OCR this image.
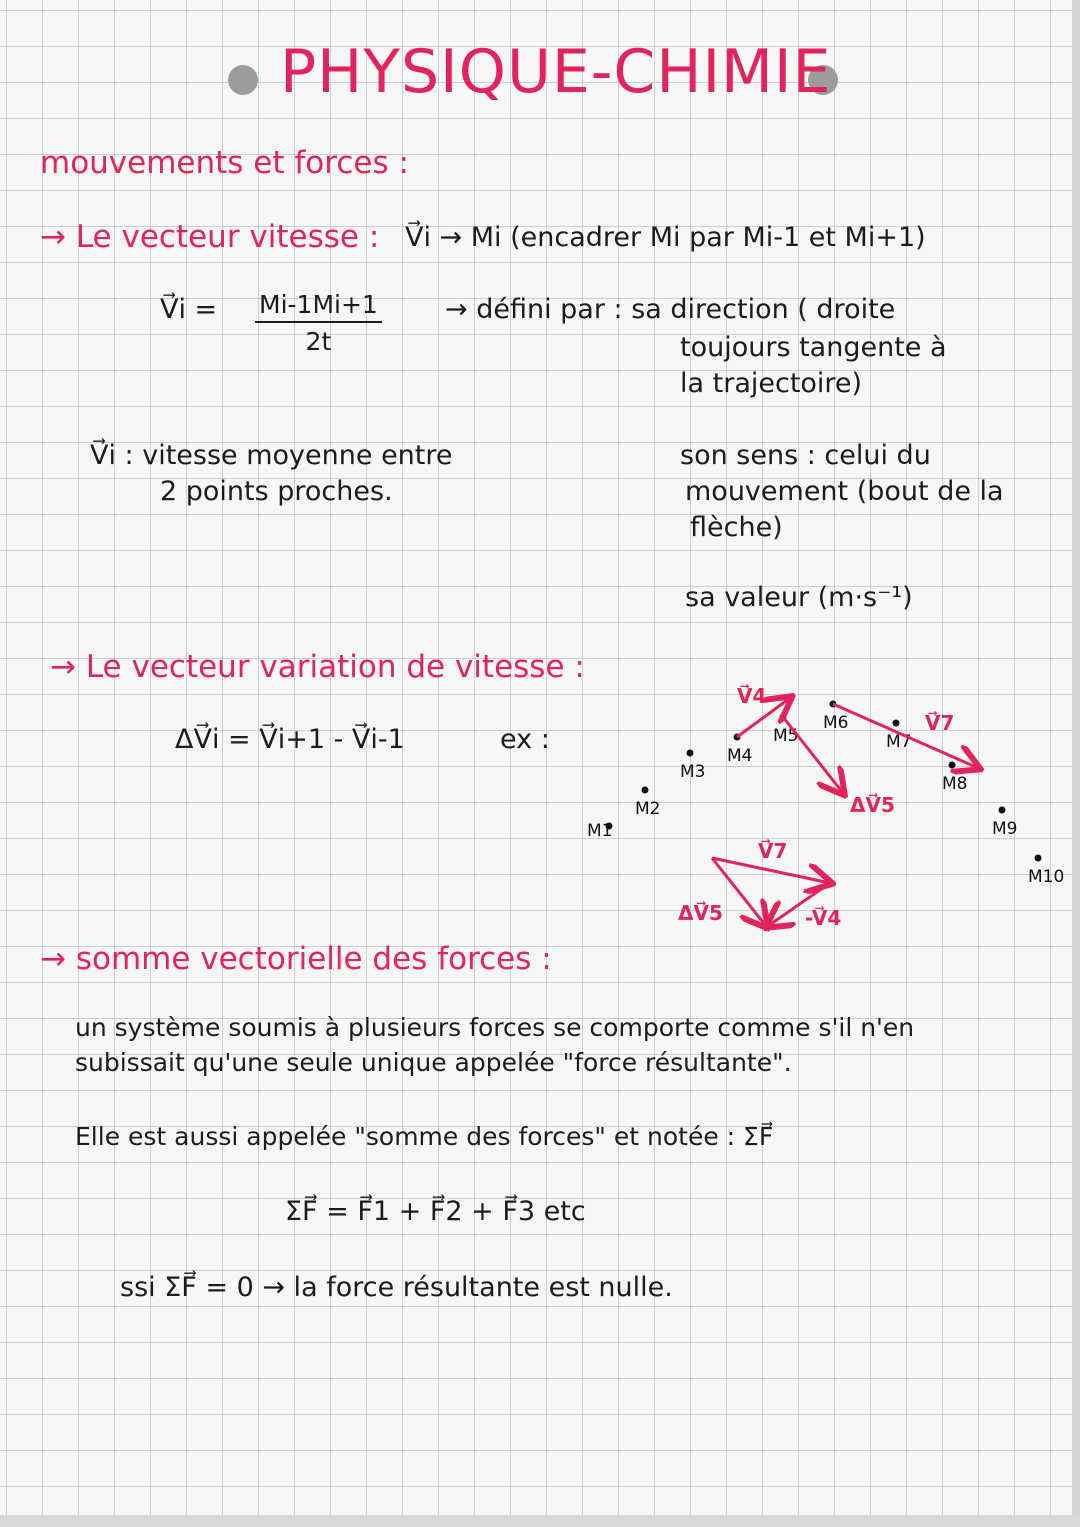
PHYSIQUE-CHIMIE
mouvements et forces :
→ Le vecteur vitesse : V⃗i → Mi (encadrer Mi par Mi-1 et Mi+1)
V⃗i = $\frac{Mi-1Mi+1}{2t}$ → défini par : sa direction ( droite
toujours tangente à
la trajectoire)
V⃗i : vitesse moyenne entre
2 points proches.
son sens : celui du
mouvement (bout de la
flèche)
sa valeur (m·s⁻¹)
→ Le vecteur variation de vitesse :
ΔV⃗i = V⃗i+1 - V⃗i-1	ex :
M1
M2
M3
M4
M5
M6
M7
M8
M9
M10
V⃗4
V⃗7
ΔV⃗5
V⃗7
ΔV⃗5	-V⃗4
→ somme vectorielle des forces :
un système soumis à plusieurs forces se comporte comme s'il n'en
subissait qu'une seule unique appelée "force résultante".
Elle est aussi appelée "somme des forces" et notée : ΣF⃗
ΣF⃗ = F⃗1 + F⃗2 + F⃗3 etc
ssi ΣF⃗ = 0 → la force résultante est nulle.
